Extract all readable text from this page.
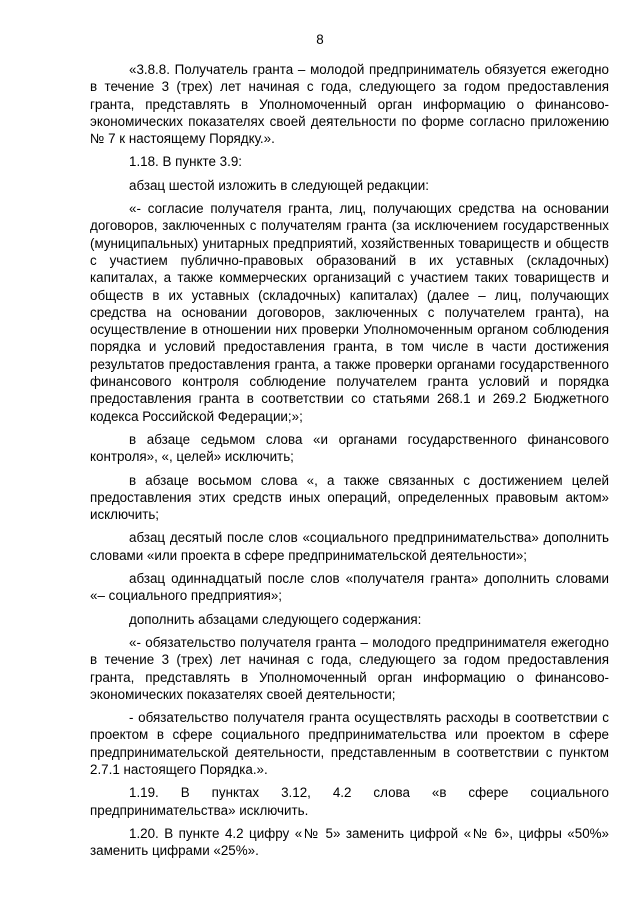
8

«3.8.8. Получатель гранта – молодой предприниматель обязуется ежегодно в течение 3 (трех) лет начиная с года, следующего за годом предоставления гранта, представлять в Уполномоченный орган информацию о финансово-экономических показателях своей деятельности по форме согласно приложению № 7 к настоящему Порядку.».

1.18. В пункте 3.9:

абзац шестой изложить в следующей редакции:

«- согласие получателя гранта, лиц, получающих средства на основании договоров, заключенных с получателям гранта (за исключением государственных (муниципальных) унитарных предприятий, хозяйственных товариществ и обществ с участием публично-правовых образований в их уставных (складочных) капиталах, а также коммерческих организаций с участием таких товариществ и обществ в их уставных (складочных) капиталах) (далее – лиц, получающих средства на основании договоров, заключенных с получателем гранта), на осуществление в отношении них проверки Уполномоченным органом соблюдения порядка и условий предоставления гранта, в том числе в части достижения результатов предоставления гранта, а также проверки органами государственного финансового контроля соблюдение получателем гранта условий и порядка предоставления гранта в соответствии со статьями 268.1 и 269.2 Бюджетного кодекса Российской Федерации;»;

в абзаце седьмом слова «и органами государственного финансового контроля», «, целей» исключить;

в абзаце восьмом слова «, а также связанных с достижением целей предоставления этих средств иных операций, определенных правовым актом» исключить;

абзац десятый после слов «социального предпринимательства» дополнить словами «или проекта в сфере предпринимательской деятельности»;

абзац одиннадцатый после слов «получателя гранта» дополнить словами «– социального предприятия»;

дополнить абзацами следующего содержания:

«- обязательство получателя гранта – молодого предпринимателя ежегодно в течение 3 (трех) лет начиная с года, следующего за годом предоставления гранта, представлять в Уполномоченный орган информацию о финансово-экономических показателях своей деятельности;

- обязательство получателя гранта осуществлять расходы в соответствии с проектом в сфере социального предпринимательства или проектом в сфере предпринимательской деятельности, представленным в соответствии с пунктом 2.7.1 настоящего Порядка.».

1.19. В пунктах 3.12, 4.2 слова «в сфере социального предпринимательства» исключить.

1.20. В пункте 4.2 цифру «№ 5» заменить цифрой «№ 6», цифры «50%» заменить цифрами «25%».
